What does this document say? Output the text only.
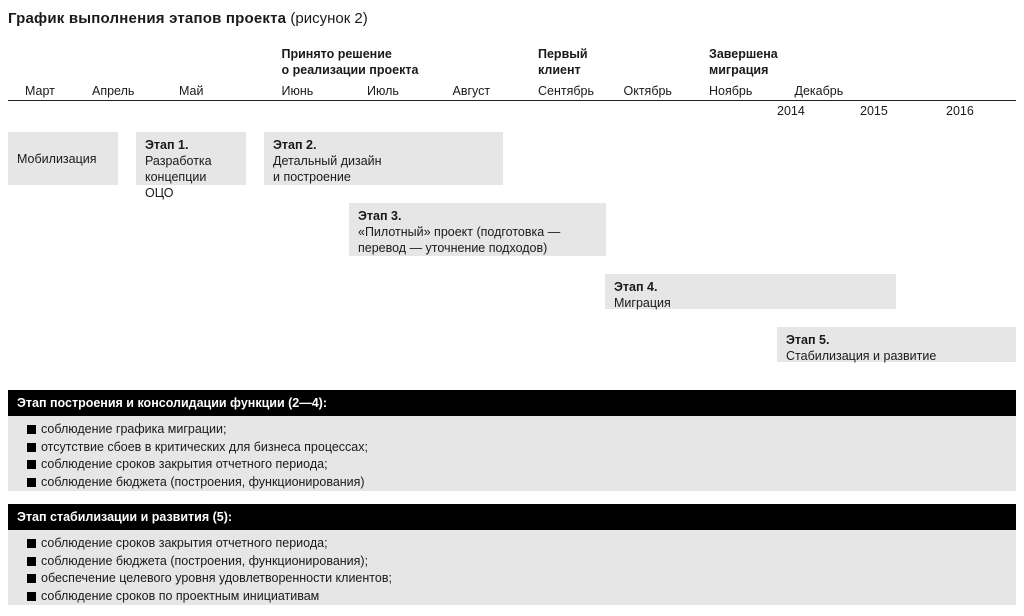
График выполнения этапов проекта (рисунок 2)
Принято решение
о реализации проекта
Первый
клиент
Завершена
миграция
Март	Апрель	Май	Июнь	Июль	Август	Сентябрь Октябрь	Ноябрь	Декабрь
2014	2015	2016
Мобилизация
Этап 1.
Разработка
концепции ОЦО
Этап 2.
Детальный дизайн
и построение
Этап 3.
«Пилотный» проект (подготовка —
перевод — уточнение подходов)
Этап 4.
Миграция
Этап 5.
Стабилизация и развитие
Этап построения и консолидации функции (2—4):
соблюдение графика миграции;
отсутствие сбоев в критических для бизнеса процессах;
соблюдение сроков закрытия отчетного периода;
соблюдение бюджета (построения, функционирования)
Этап стабилизации и развития (5):
соблюдение сроков закрытия отчетного периода;
соблюдение бюджета (построения, функционирования);
обеспечение целевого уровня удовлетворенности клиентов;
соблюдение сроков по проектным инициативам
